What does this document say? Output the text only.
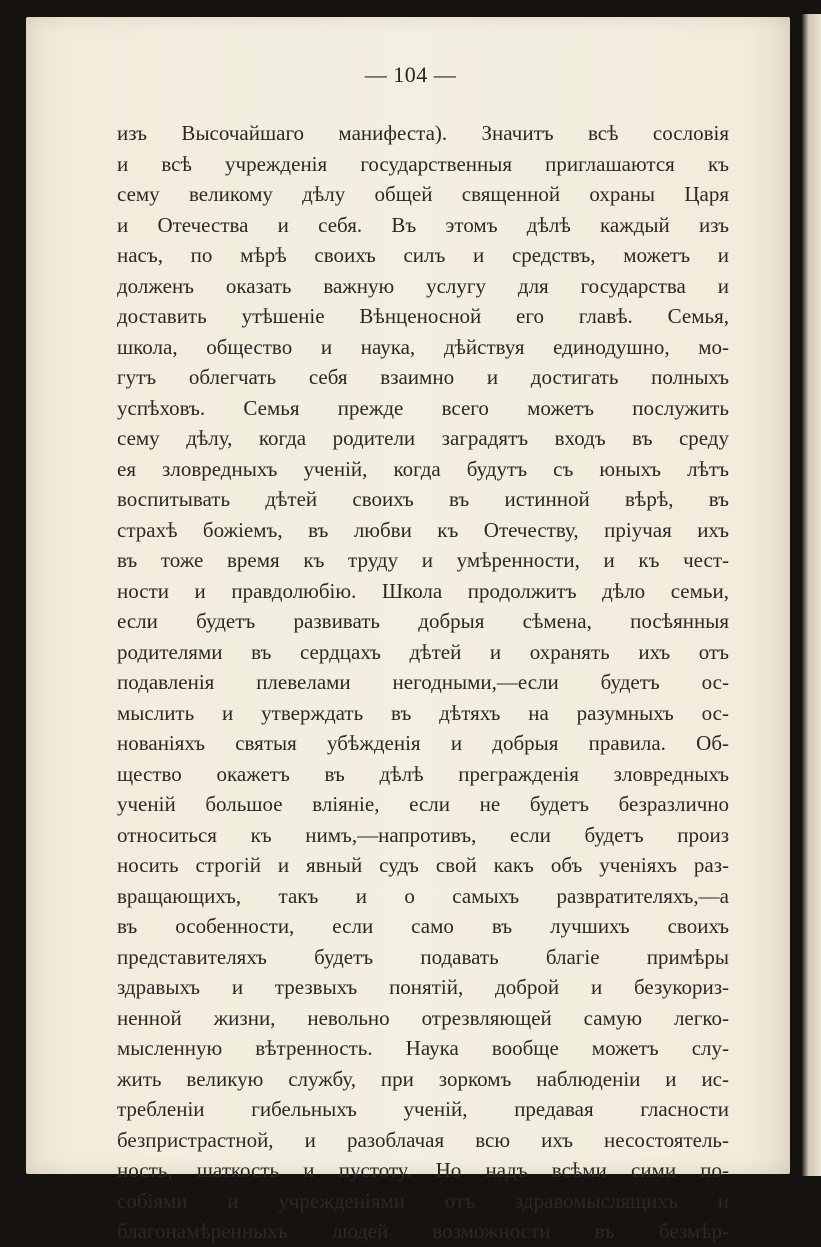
— 104 —
изъ Высочайшаго манифеста). Значитъ всѣ сословія
и всѣ учрежденія государственныя приглашаются къ
сему великому дѣлу общей священной охраны Царя
и Отечества и себя. Въ этомъ дѣлѣ каждый изъ
насъ, по мѣрѣ своихъ силъ и средствъ, можетъ и
долженъ оказать важную услугу для государства и
доставить утѣшеніе Вѣнценосной его главѣ. Семья,
школа, общество и наука, дѣйствуя единодушно, мо-
гутъ облегчать себя взаимно и достигать полныхъ
успѣховъ. Семья прежде всего можетъ послужить
сему дѣлу, когда родители заградятъ входъ въ среду
ея зловредныхъ ученій, когда будутъ съ юныхъ лѣтъ
воспитывать дѣтей своихъ въ истинной вѣрѣ, въ
страхѣ божіемъ, въ любви къ Отечеству, пріучая ихъ
въ тоже время къ труду и умѣренности, и къ чест-
ности и правдолюбію. Школа продолжитъ дѣло семьи,
если будетъ развивать добрыя сѣмена, посѣянныя
родителями въ сердцахъ дѣтей и охранять ихъ отъ
подавленія плевелами негодными,—если будетъ ос-
мыслить и утверждать въ дѣтяхъ на разумныхъ ос-
нованіяхъ святыя убѣжденія и добрыя правила. Об-
щество окажетъ въ дѣлѣ прегражденія зловредныхъ
ученій большое вліяніе, если не будетъ безразлично
относиться къ нимъ,—напротивъ, если будетъ произ
носить строгій и явный судъ свой какъ объ ученіяхъ раз-
вращающихъ, такъ и о самыхъ развратителяхъ,—а
въ особенности, если само въ лучшихъ своихъ
представителяхъ будетъ подавать благіе примѣры
здравыхъ и трезвыхъ понятій, доброй и безукориз-
ненной жизни, невольно отрезвляющей самую легко-
мысленную вѣтренность. Наука вообще можетъ слу-
жить великую службу, при зоркомъ наблюденіи и ис-
требленіи гибельныхъ ученій, предавая гласности
безпристрастной, и разоблачая всю ихъ несостоятель-
ность, шаткость и пустоту. Но надъ всѣми сими по-
собіями и учрежденіями отъ здравомыслящихъ и
благонамѣренныхъ людей возможности въ безмѣр-
